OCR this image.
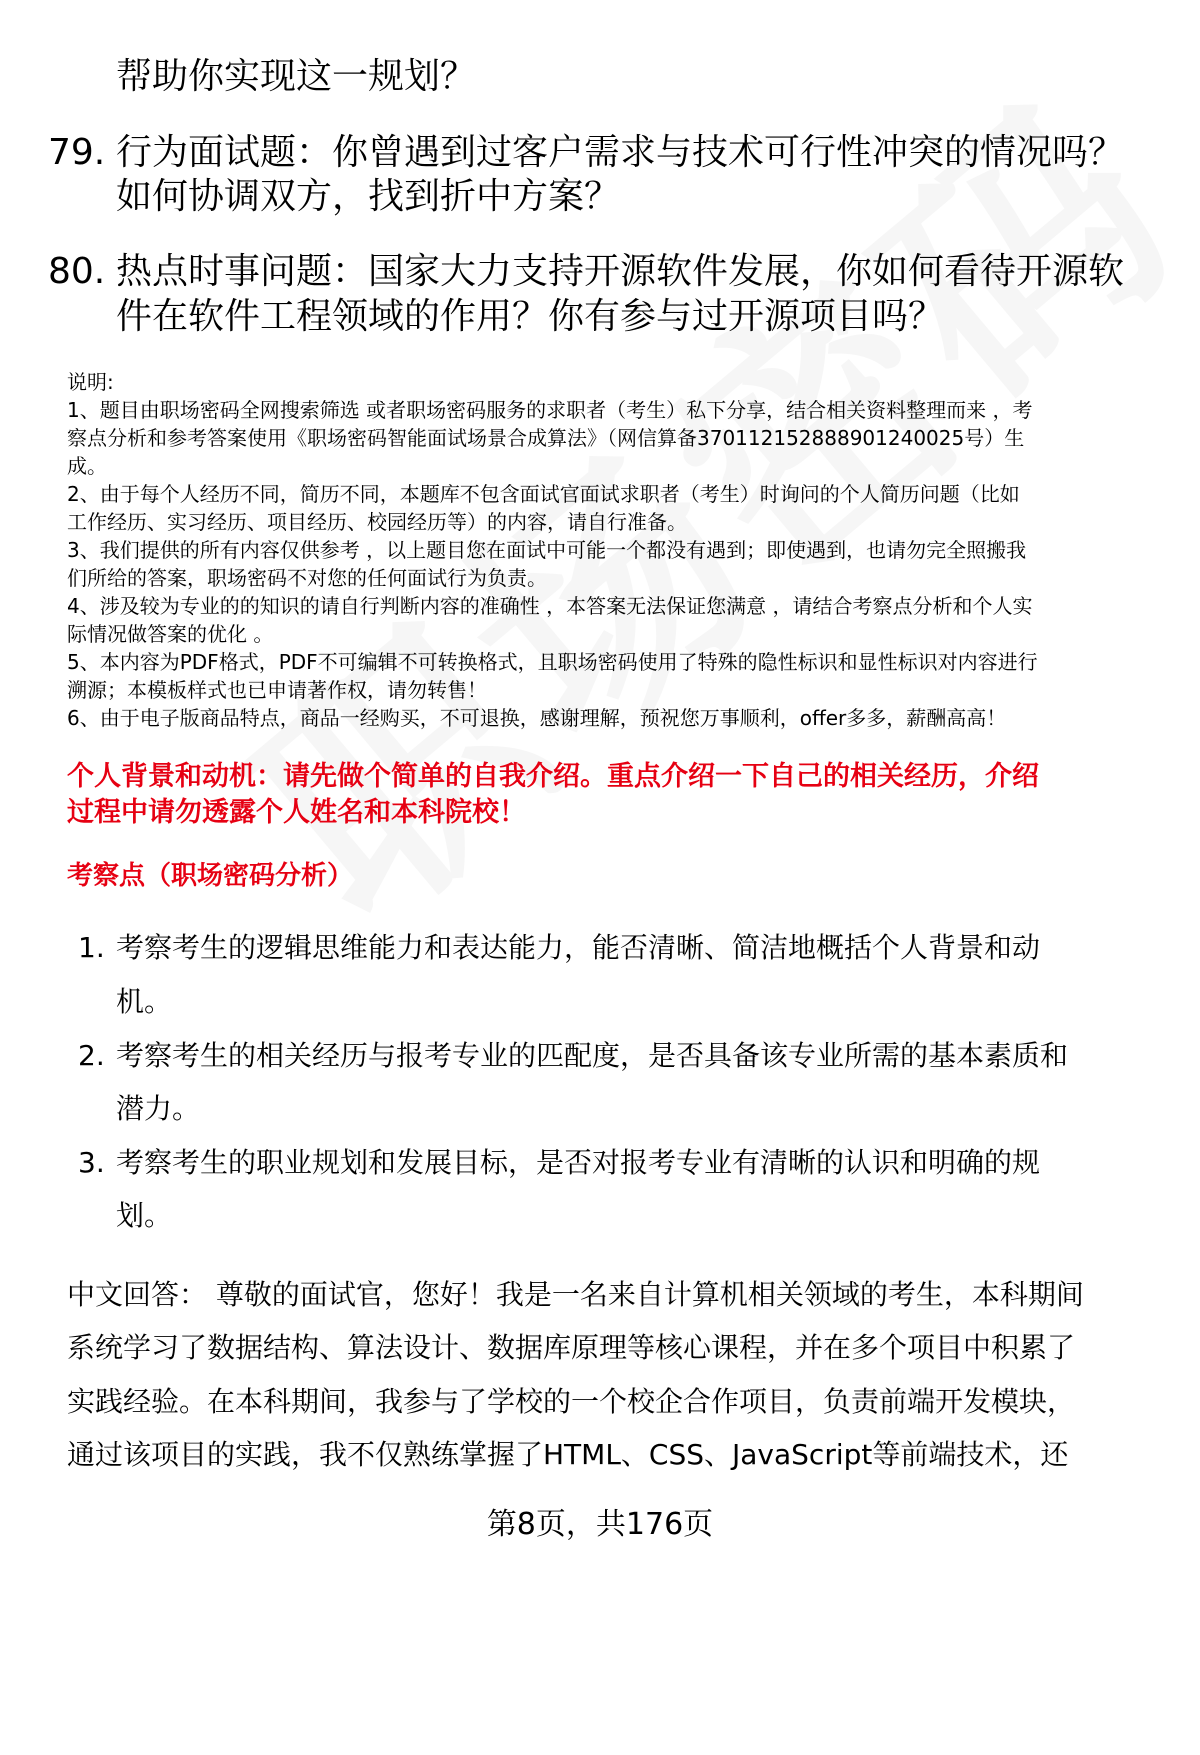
帮助你实现这一规划？
79. 行为面试题：你曾遇到过客户需求与技术可行性冲突的情况吗？
如何协调双方，找到折中方案？
80. 热点时事问题：国家大力支持开源软件发展，你如何看待开源软
件在软件工程领域的作用？你有参与过开源项目吗？
说明:
1、题目由职场密码全网搜索筛选 或者职场密码服务的求职者（考生）私下分享，结合相关资料整理而来 ，考
察点分析和参考答案使用《职场密码智能面试场景合成算法》（网信算备370112152888901240025号）生
成。
2、由于每个人经历不同，简历不同，本题库不包含面试官面试求职者（考生）时询问的个人简历问题（比如
工作经历、实习经历、项目经历、校园经历等）的内容，请自行准备。
3、我们提供的所有内容仅供参考 ，以上题目您在面试中可能一个都没有遇到；即使遇到，也请勿完全照搬我
们所给的答案，职场密码不对您的任何面试行为负责。
4、涉及较为专业的的知识的请自行判断内容的准确性 ，本答案无法保证您满意 ，请结合考察点分析和个人实
际情况做答案的优化 。
5、本内容为PDF格式，PDF不可编辑不可转换格式，且职场密码使用了特殊的隐性标识和显性标识对内容进行
溯源；本模板样式也已申请著作权，请勿转售！
6、由于电子版商品特点，商品一经购买，不可退换，感谢理解，预祝您万事顺利，offer多多，薪酬高高！
个人背景和动机：请先做个简单的自我介绍。重点介绍一下自己的相关经历，介绍
过程中请勿透露个人姓名和本科院校！
考察点（职场密码分析）
1. 考察考生的逻辑思维能力和表达能力，能否清晰、简洁地概括个人背景和动
机。
2. 考察考生的相关经历与报考专业的匹配度，是否具备该专业所需的基本素质和
潜力。
3. 考察考生的职业规划和发展目标，是否对报考专业有清晰的认识和明确的规
划。
中文回答： 尊敬的面试官，您好！我是一名来自计算机相关领域的考生，本科期间
系统学习了数据结构、算法设计、数据库原理等核心课程，并在多个项目中积累了
实践经验。在本科期间，我参与了学校的一个校企合作项目，负责前端开发模块，
通过该项目的实践，我不仅熟练掌握了HTML、CSS、JavaScript等前端技术，还
第8页，共176页
